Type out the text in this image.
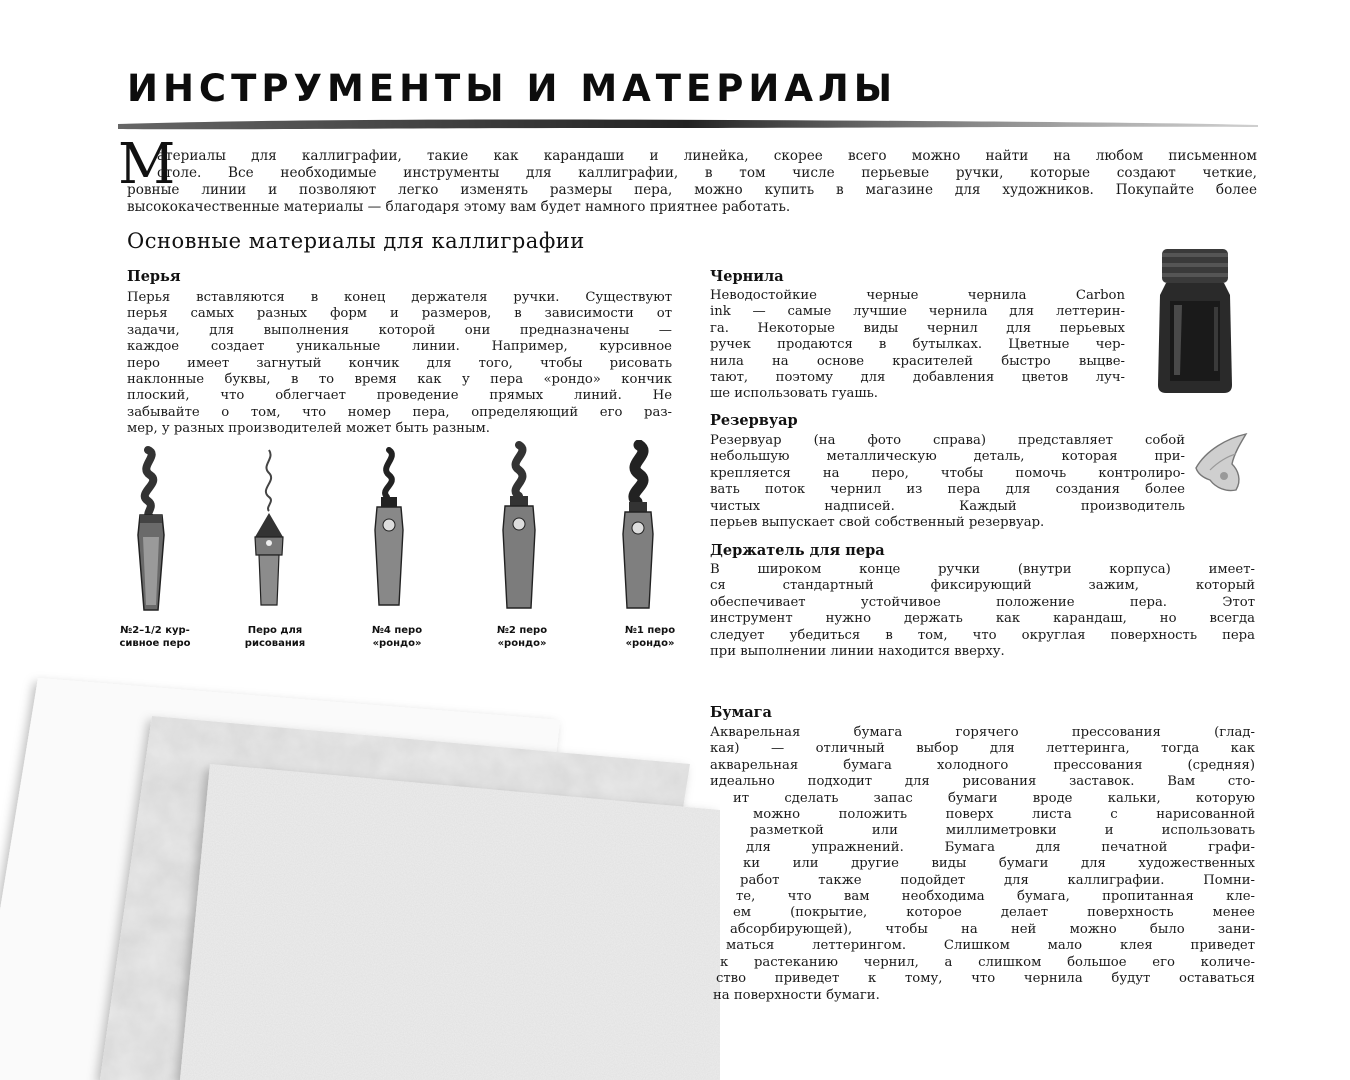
ИНСТРУМЕНТЫ И МАТЕРИАЛЫ
М
атериалы для каллиграфии, такие как карандаши и линейка, скорее всего можно найти на любом письменном
столе. Все необходимые инструменты для каллиграфии, в том числе перьевые ручки, которые создают четкие,
ровные линии и позволяют легко изменять размеры пера, можно купить в магазине для художников. Покупайте более
высококачественные материалы — благодаря этому вам будет намного приятнее работать.
Основные материалы для каллиграфии
Перья
Перья вставляются в конец держателя ручки. Существуют
перья самых разных форм и размеров, в зависимости от
задачи, для выполнения которой они предназначены —
каждое создает уникальные линии. Например, курсивное
перо имеет загнутый кончик для того, чтобы рисовать
наклонные буквы, в то время как у пера «рондо» кончик
плоский, что облегчает проведение прямых линий. Не
забывайте о том, что номер пера, определяющий его раз-
мер, у разных производителей может быть разным.
№2–1/2 кур-
сивное перо
Перо для
рисования
№4 перо
«рондо»
№2 перо
«рондо»
№1 перо
«рондо»
Чернила
Неводостойкие черные чернила Carbon
ink — самые лучшие чернила для леттерин-
га. Некоторые виды чернил для перьевых
ручек продаются в бутылках. Цветные чер-
нила на основе красителей быстро выцве-
тают, поэтому для добавления цветов луч-
ше использовать гуашь.
Резервуар
Резервуар (на фото справа) представляет собой
небольшую металлическую деталь, которая при-
крепляется на перо, чтобы помочь контролиро-
вать поток чернил из пера для создания более
чистых надписей. Каждый производитель
перьев выпускает свой собственный резервуар.
Держатель для пера
В широком конце ручки (внутри корпуса) имеет-
ся стандартный фиксирующий зажим, который
обеспечивает устойчивое положение пера. Этот
инструмент нужно держать как карандаш, но всегда
следует убедиться в том, что округлая поверхность пера
при выполнении линии находится вверху.
Бумага
Акварельная бумага горячего прессования (глад-
кая) — отличный выбор для леттеринга, тогда как
акварельная бумага холодного прессования (средняя)
идеально подходит для рисования заставок. Вам сто-
ит сделать запас бумаги вроде кальки, которую
можно положить поверх листа с нарисованной
разметкой или миллиметровки и использовать
для упражнений. Бумага для печатной графи-
ки или другие виды бумаги для художественных
работ также подойдет для каллиграфии. Помни-
те, что вам необходима бумага, пропитанная кле-
ем (покрытие, которое делает поверхность менее
абсорбирующей), чтобы на ней можно было зани-
маться леттерингом. Слишком мало клея приведет
к растеканию чернил, а слишком большое его количе-
ство приведет к тому, что чернила будут оставаться
на поверхности бумаги.
